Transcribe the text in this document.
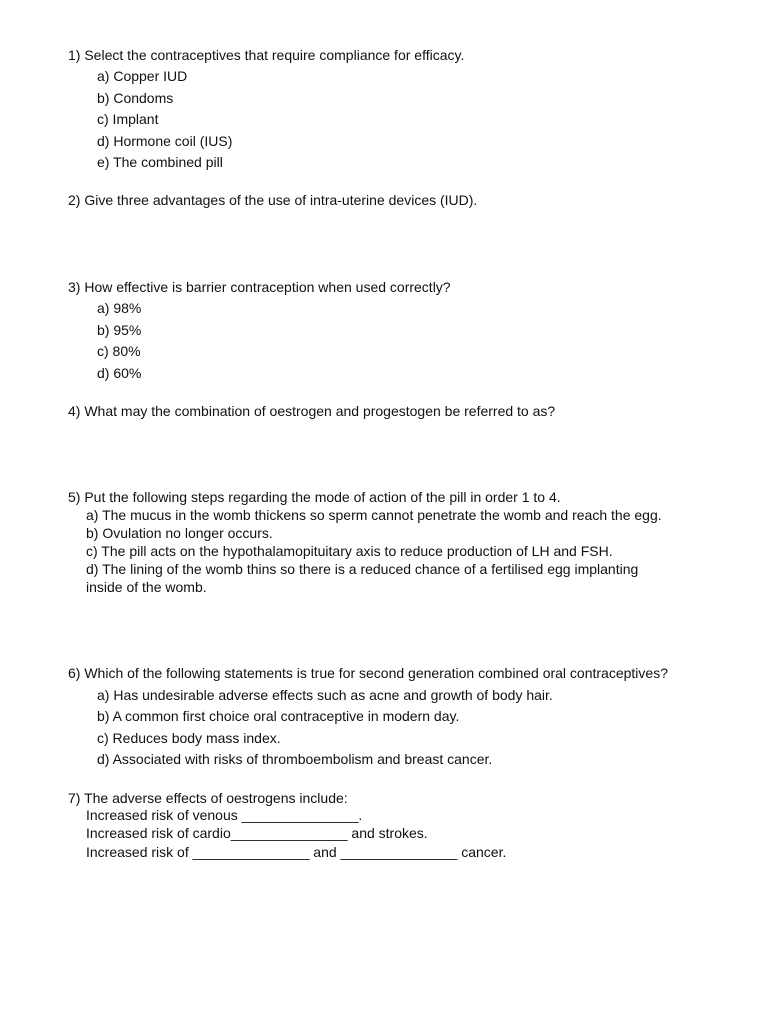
1) Select the contraceptives that require compliance for efficacy.
a) Copper IUD
b) Condoms
c) Implant
d) Hormone coil (IUS)
e) The combined pill
2) Give three advantages of the use of intra-uterine devices (IUD).
3) How effective is barrier contraception when used correctly?
a) 98%
b) 95%
c) 80%
d) 60%
4) What may the combination of oestrogen and progestogen be referred to as?
5) Put the following steps regarding the mode of action of the pill in order 1 to 4.
a) The mucus in the womb thickens so sperm cannot penetrate the womb and reach the egg.
b) Ovulation no longer occurs.
c) The pill acts on the hypothalamopituitary axis to reduce production of LH and FSH.
d) The lining of the womb thins so there is a reduced chance of a fertilised egg implanting
inside of the womb.
6) Which of the following statements is true for second generation combined oral contraceptives?
a) Has undesirable adverse effects such as acne and growth of body hair.
b) A common first choice oral contraceptive in modern day.
c) Reduces body mass index.
d) Associated with risks of thromboembolism and breast cancer.
7) The adverse effects of oestrogens include:
Increased risk of venous _______________.
Increased risk of cardio_______________ and strokes.
Increased risk of _______________ and _______________ cancer.
